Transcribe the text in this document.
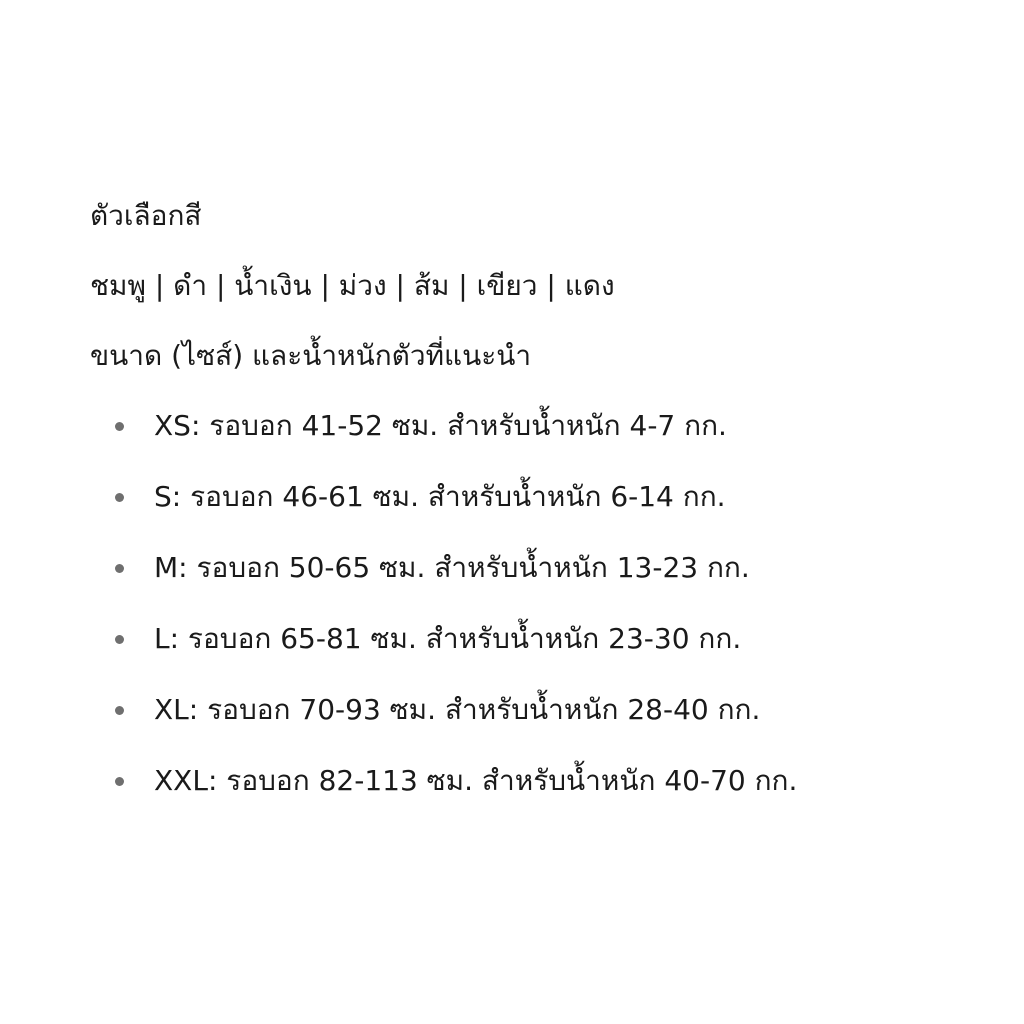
ตัวเลือกสี
ชมพู | ดำ | น้ำเงิน | ม่วง | ส้ม | เขียว | แดง
ขนาด (ไซส์) และน้ำหนักตัวที่แนะนำ
XS: รอบอก 41-52 ซม. สำหรับน้ำหนัก 4-7 กก.
S: รอบอก 46-61 ซม. สำหรับน้ำหนัก 6-14 กก.
M: รอบอก 50-65 ซม. สำหรับน้ำหนัก 13-23 กก.
L: รอบอก 65-81 ซม. สำหรับน้ำหนัก 23-30 กก.
XL: รอบอก 70-93 ซม. สำหรับน้ำหนัก 28-40 กก.
XXL: รอบอก 82-113 ซม. สำหรับน้ำหนัก 40-70 กก.
